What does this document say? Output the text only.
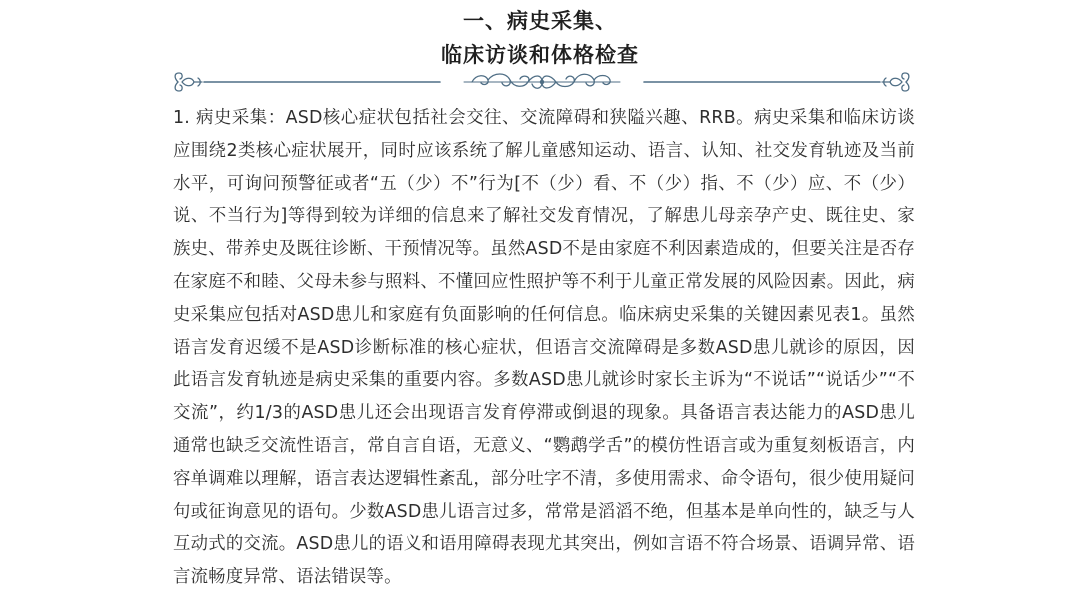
一、病史采集、
临床访谈和体格检查

1. 病史采集：ASD核心症状包括社会交往、交流障碍和狭隘兴趣、RRB。病史采集和临床访谈应围绕2类核心症状展开，同时应该系统了解儿童感知运动、语言、认知、社交发育轨迹及当前水平，可询问预警征或者“五（少）不”行为[不（少）看、不（少）指、不（少）应、不（少）说、不当行为]等得到较为详细的信息来了解社交发育情况，了解患儿母亲孕产史、既往史、家族史、带养史及既往诊断、干预情况等。虽然ASD不是由家庭不利因素造成的，但要关注是否存在家庭不和睦、父母未参与照料、不懂回应性照护等不利于儿童正常发展的风险因素。因此，病史采集应包括对ASD患儿和家庭有负面影响的任何信息。临床病史采集的关键因素见表1。虽然语言发育迟缓不是ASD诊断标准的核心症状，但语言交流障碍是多数ASD患儿就诊的原因，因此语言发育轨迹是病史采集的重要内容。多数ASD患儿就诊时家长主诉为“不说话”“说话少”“不交流”，约1/3的ASD患儿还会出现语言发育停滞或倒退的现象。具备语言表达能力的ASD患儿通常也缺乏交流性语言，常自言自语，无意义、“鹦鹉学舌”的模仿性语言或为重复刻板语言，内容单调难以理解，语言表达逻辑性紊乱，部分吐字不清，多使用需求、命令语句，很少使用疑问句或征询意见的语句。少数ASD患儿语言过多，常常是滔滔不绝，但基本是单向性的，缺乏与人互动式的交流。ASD患儿的语义和语用障碍表现尤其突出，例如言语不符合场景、语调异常、语言流畅度异常、语法错误等。
